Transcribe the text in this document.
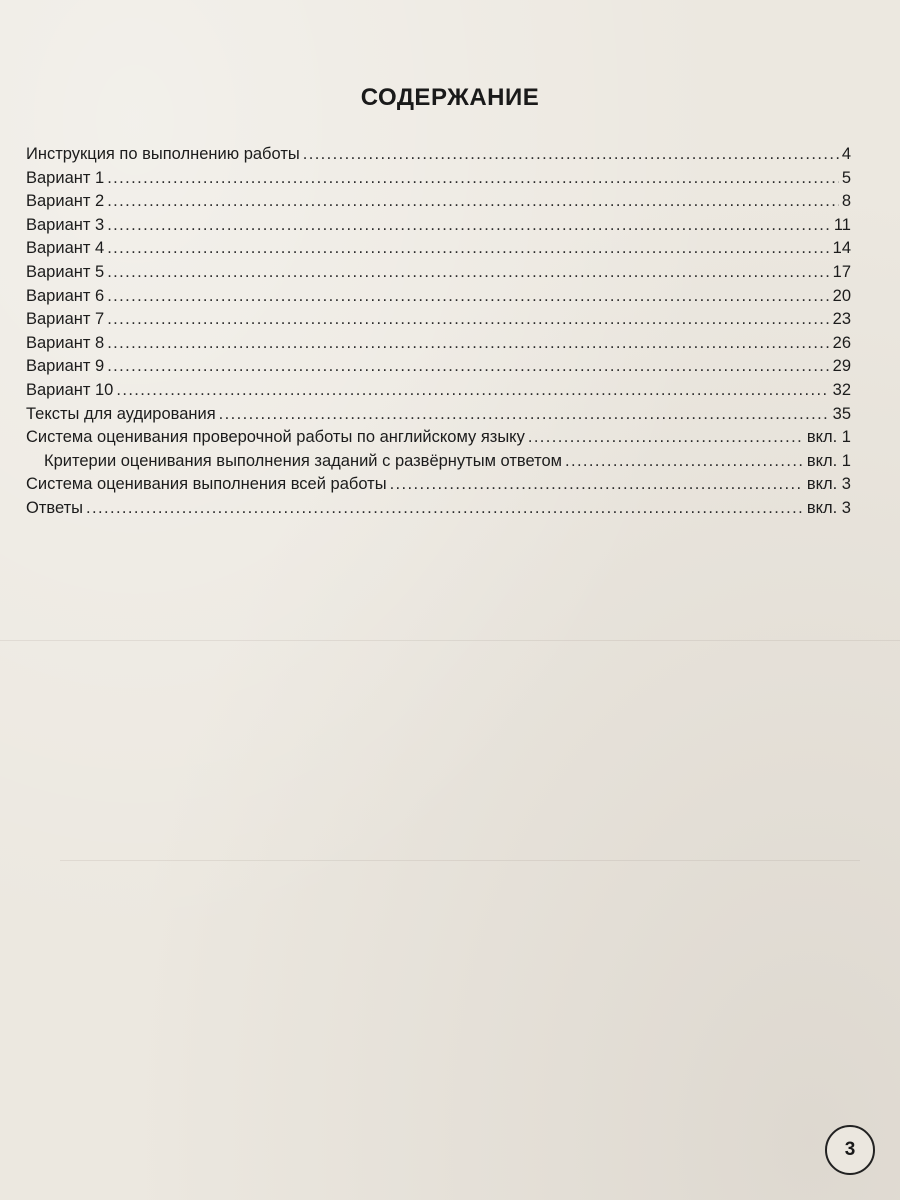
СОДЕРЖАНИЕ
Инструкция по выполнению работы .....	4
Вариант 1 .....	5
Вариант 2 .....	8
Вариант 3 .....	11
Вариант 4 .....	14
Вариант 5 .....	17
Вариант 6 .....	20
Вариант 7 .....	23
Вариант 8 .....	26
Вариант 9 .....	29
Вариант 10 .....	32
Тексты для аудирования .....	35
Система оценивания проверочной работы по английскому языку .....	вкл. 1
Критерии оценивания выполнения заданий с развёрнутым ответом .....	вкл. 1
Система оценивания выполнения всей работы .....	вкл. 3
Ответы .....	вкл. 3
3
